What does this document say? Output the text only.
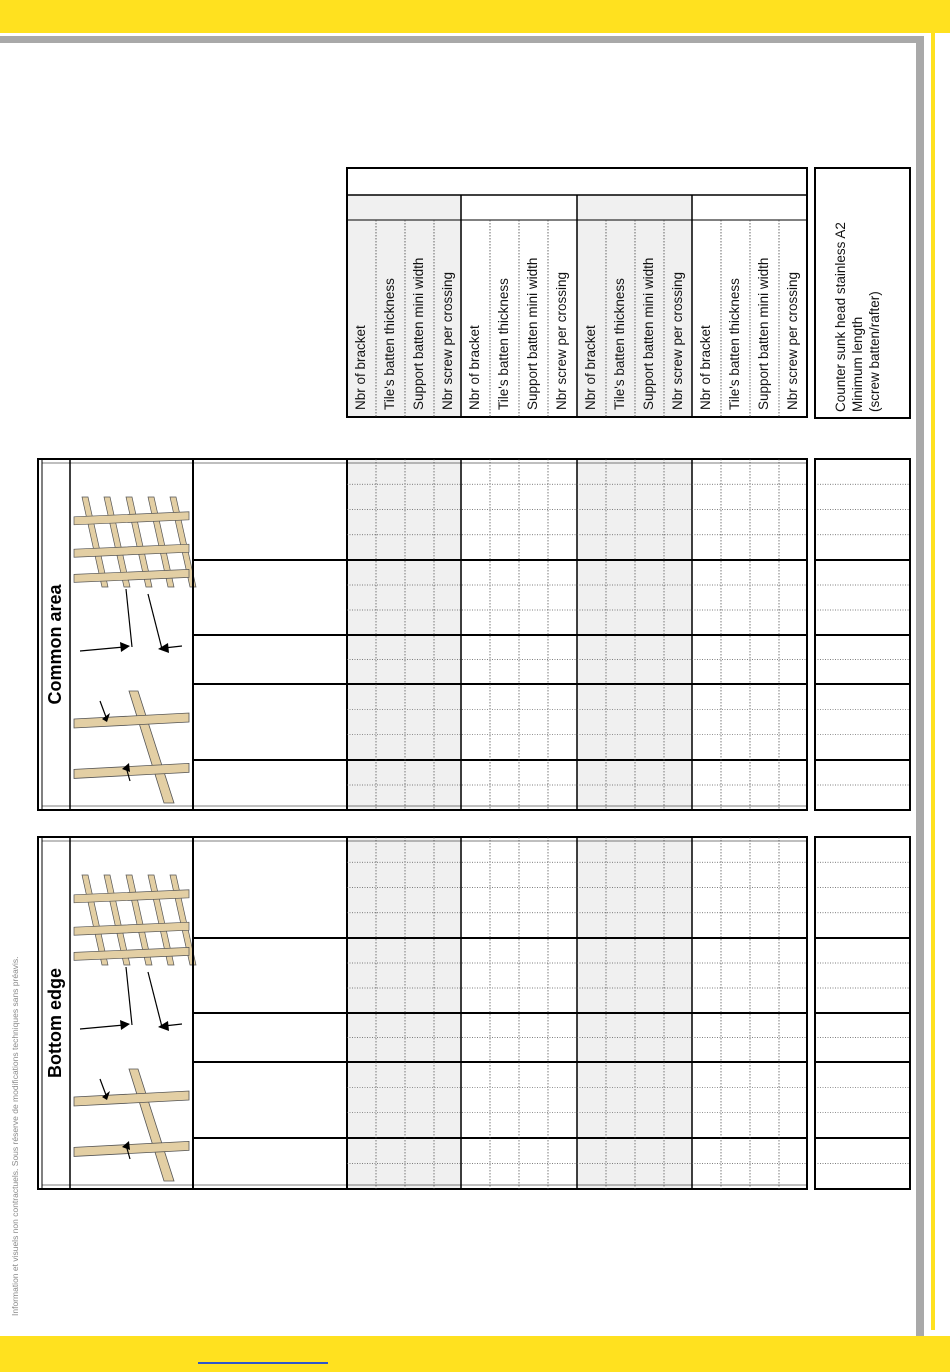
Information et visuels non contractuels. Sous réserve de modifications techniques sans préavis.
Nbr of bracket Tile's batten thickness Support batten mini width Nbr screw per crossing Nbr of bracket Tile's batten thickness Support batten mini width Nbr screw per crossing Nbr of bracket Tile's batten thickness Support batten mini width Nbr screw per crossing Nbr of bracket Tile's batten thickness Support batten mini width Nbr screw per crossing Counter sunk head stainless A2 Minimum length (screw batten/rafter)
Common area
Bottom edge
